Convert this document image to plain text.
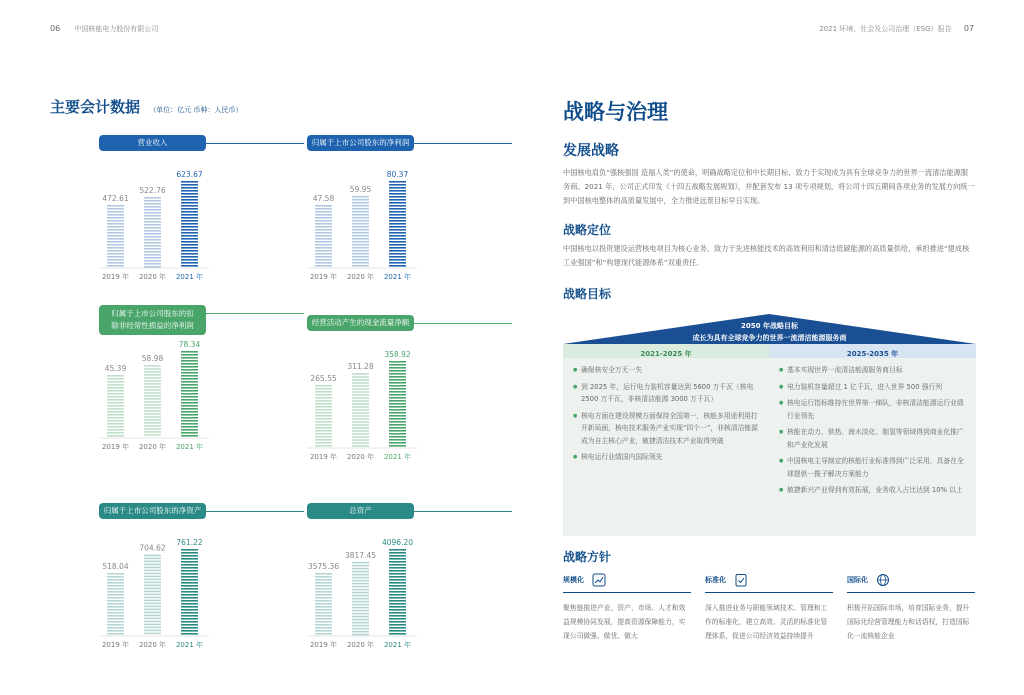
06 中国核能电力股份有限公司	2021 环境、社会及公司治理（ESG）报告 07
主要会计数据 （单位：亿元 币种：人民币）
营业收入
472.61
2019 年
522.76
2020 年
623.67
2021 年
归属于上市公司股东的净利润
47.58
2019 年
59.95
2020 年
80.37
2021 年
归属于上市公司股东的扣
除非经常性损益的净利润
45.39
2019 年
58.98
2020 年
78.34
2021 年
经营活动产生的现金流量净额
265.55
2019 年
311.28
2020 年
358.92
2021 年
归属于上市公司股东的净资产
518.04
2019 年
704.62
2020 年
761.22
2021 年
总资产
3575.36
2019 年
3817.45
2020 年
4096.20
2021 年
战略与治理
发展战略
中国核电肩负“强核强国 造福人类”的使命，明确战略定位和中长期目标，致力于实现成为具有全球竞争力的世界一流清洁能源服务商。2021 年，公司正式印发《十四五战略发展规划》，并配套发布 13 项专项规划，将公司十四五期间各项业务的发展方向统一到中国核电整体的高质量发展中，全力推进远景目标早日实现。
战略定位
中国核电以投资建设运营核电项目为核心业务，致力于先进核能技术的高效利用和清洁低碳能源的高质量供给，承担推进“建成核工业强国”和“构建现代能源体系”双重责任。
战略目标
2050 年战略目标
成长为具有全球竞争力的世界一流清洁能源服务商
2021-2025 年	2025-2035 年
● 确保核安全万无一失
● 到 2025 年，运行电力装机容量达到 5600 万千瓦（核电 2500 万千瓦，非核清洁能源 3000 万千瓦）
● 核电方面在建设规模方面保持全国第一，核能多用途利用打开新局面，核电技术服务产业实现“四个一”，非核清洁能源成为自主核心产业，敏捷清洁技术产业取得突破
● 核电运行业绩国内国际领先
● 基本实现世界一流清洁能源服务商目标
● 电力装机容量超过 1 亿千瓦，进入世界 500 强行列
● 核电运行指标维持在世界第一梯队，非核清洁能源运行业绩行业领先
● 核能在动力、供热、海水淡化、制氢等领域得到商业化推广和产业化发展
● 中国核电主导制定的核能行业标准得到广泛采用，具备在全球提供一揽子解决方案能力
● 敏捷新兴产业得到有效拓展，业务收入占比达到 10% 以上
战略方针
规模化
聚焦链推进产业、资产、市场、人才和效益规模协同发展，提高资源保障能力，实现公司做强、做优、做大
标准化
深入推进业务与职能领域技术、管理和工作的标准化，建立高效、灵活的标准化管理体系，促进公司经济效益持续提升
国际化
积极开拓国际市场，培育国际业务，提升国际化经营管理能力和话语权，打造国际化一流核能企业
